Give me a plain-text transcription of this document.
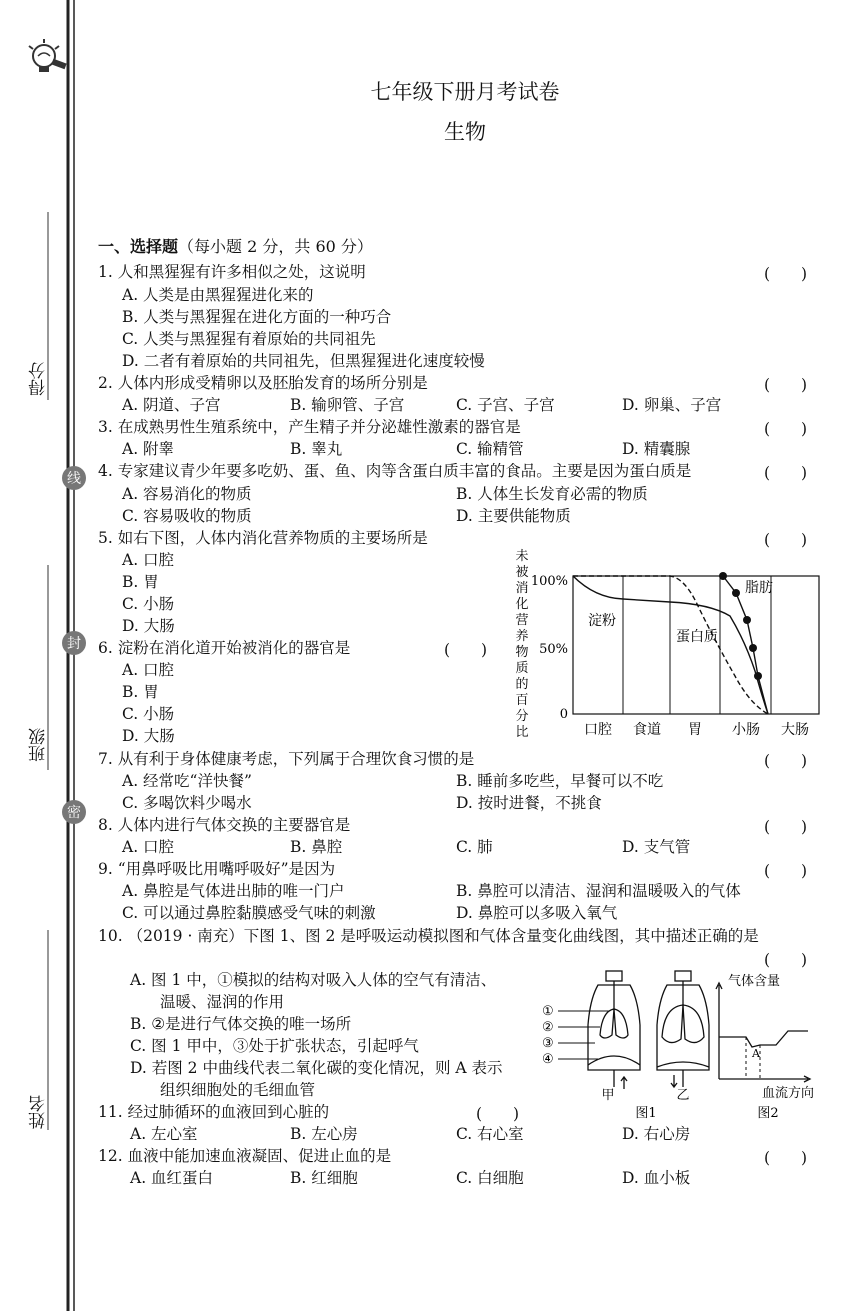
得分
班级
姓名
线
封
密
七年级下册月考试卷
生物
一、选择题（每小题 2 分，共 60 分）
1. 人和黑猩猩有许多相似之处，这说明	(　　)
A. 人类是由黑猩猩进化来的
B. 人类与黑猩猩在进化方面的一种巧合
C. 人类与黑猩猩有着原始的共同祖先
D. 二者有着原始的共同祖先，但黑猩猩进化速度较慢
2. 人体内形成受精卵以及胚胎发育的场所分别是	(　　)
A. 阴道、子宫	B. 输卵管、子宫	C. 子宫、子宫	D. 卵巢、子宫
3. 在成熟男性生殖系统中，产生精子并分泌雄性激素的器官是	(　　)
A. 附睾	B. 睾丸	C. 输精管	D. 精囊腺
4. 专家建议青少年要多吃奶、蛋、鱼、肉等含蛋白质丰富的食品。主要是因为蛋白质是	(　　)
A. 容易消化的物质	B. 人体生长发育必需的物质
C. 容易吸收的物质	D. 主要供能物质
5. 如右下图，人体内消化营养物质的主要场所是	(　　)
A. 口腔
B. 胃
C. 小肠
D. 大肠
6. 淀粉在消化道开始被消化的器官是	(　　)
A. 口腔
B. 胃
C. 小肠
D. 大肠
7. 从有利于身体健康考虑，下列属于合理饮食习惯的是	(　　)
A. 经常吃“洋快餐”	B. 睡前多吃些，早餐可以不吃
C. 多喝饮料少喝水	D. 按时进餐，不挑食
8. 人体内进行气体交换的主要器官是	(　　)
A. 口腔	B. 鼻腔	C. 肺	D. 支气管
9. “用鼻呼吸比用嘴呼吸好”是因为	(　　)
A. 鼻腔是气体进出肺的唯一门户	B. 鼻腔可以清洁、湿润和温暖吸入的气体
C. 可以通过鼻腔黏膜感受气味的刺激	D. 鼻腔可以多吸入氧气
10. （2019 · 南充）下图 1、图 2 是呼吸运动模拟图和气体含量变化曲线图，其中描述正确的是
(　　)
A. 图 1 中，①模拟的结构对吸入人体的空气有清洁、
温暖、湿润的作用
B. ②是进行气体交换的唯一场所
C. 图 1 甲中，③处于扩张状态，引起呼气
D. 若图 2 中曲线代表二氧化碳的变化情况，则 A 表示
组织细胞处的毛细血管
11. 经过肺循环的血液回到心脏的	(　　)
A. 左心室	B. 左心房	C. 右心室	D. 右心房
12. 血液中能加速血液凝固、促进止血的是	(　　)
A. 血红蛋白	B. 红细胞	C. 白细胞	D. 血小板
未
被
消
化
营
养
物
质
的
百
分
比
100%
50%
0
淀粉
蛋白质
脂肪
口腔 食道 胃 小肠 大肠
①
②
③
④
甲	乙
图1
气体含量
A
血流方向
图2
